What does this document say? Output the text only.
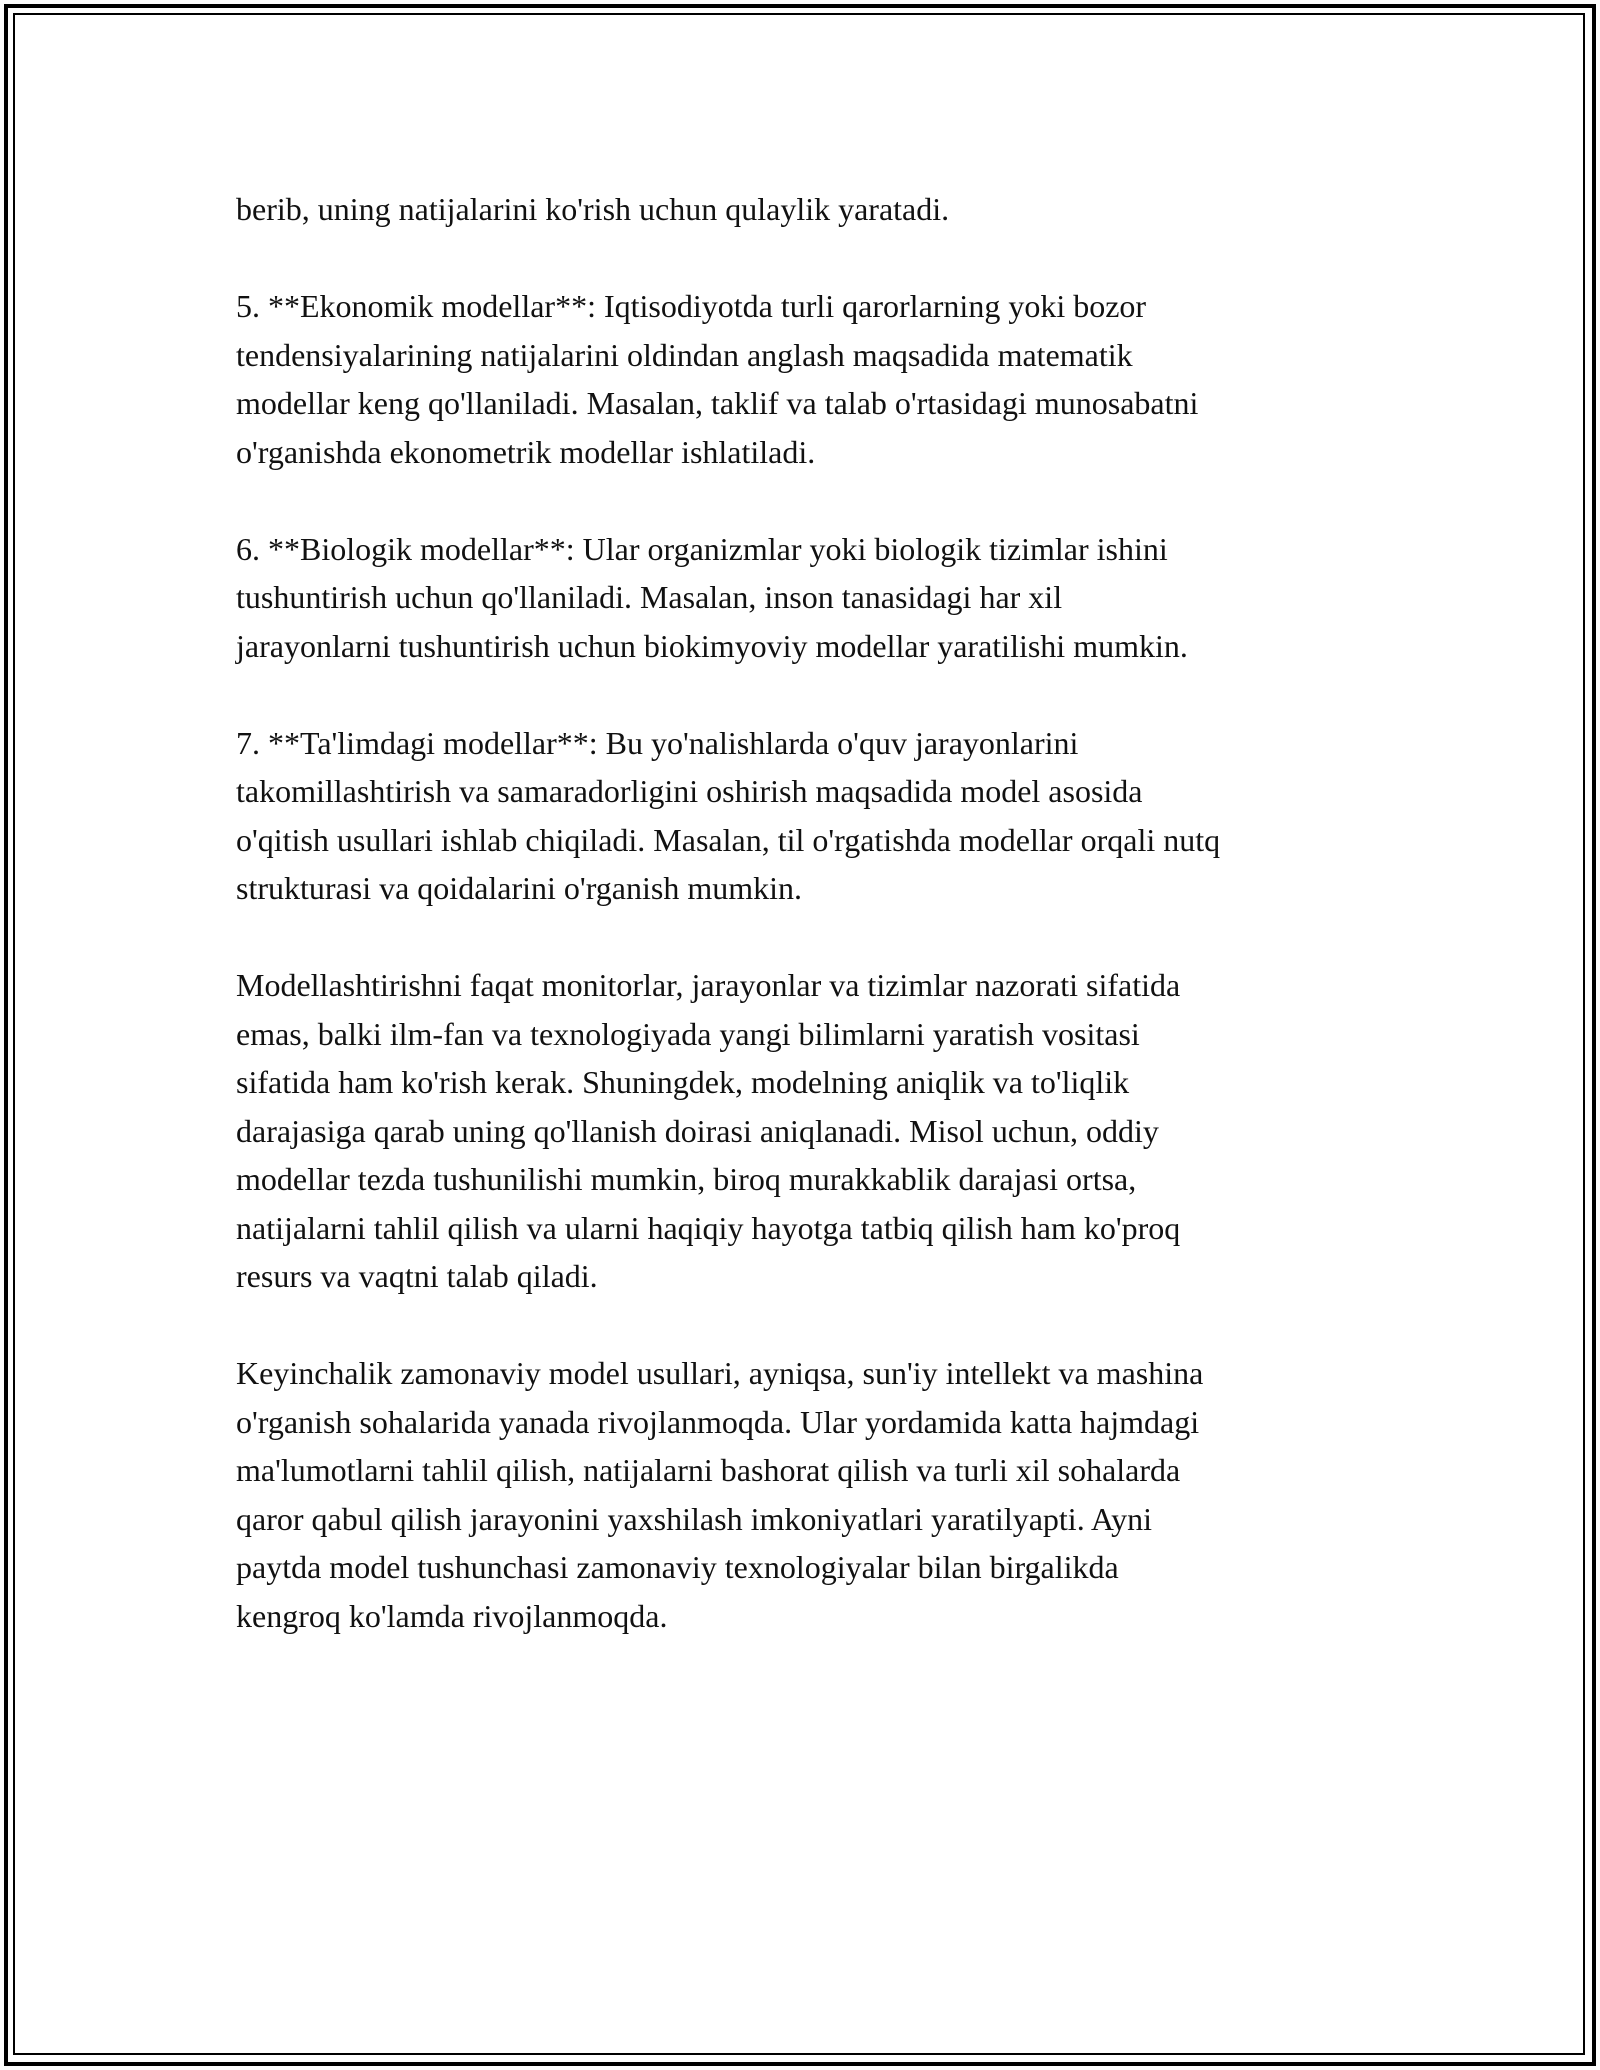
berib, uning natijalarini ko'rish uchun qulaylik yaratadi.

5. **Ekonomik modellar**: Iqtisodiyotda turli qarorlarning yoki bozor
tendensiyalarining natijalarini oldindan anglash maqsadida matematik
modellar keng qo'llaniladi. Masalan, taklif va talab o'rtasidagi munosabatni
o'rganishda ekonometrik modellar ishlatiladi.

6. **Biologik modellar**: Ular organizmlar yoki biologik tizimlar ishini
tushuntirish uchun qo'llaniladi. Masalan, inson tanasidagi har xil
jarayonlarni tushuntirish uchun biokimyoviy modellar yaratilishi mumkin.

7. **Ta'limdagi modellar**: Bu yo'nalishlarda o'quv jarayonlarini
takomillashtirish va samaradorligini oshirish maqsadida model asosida
o'qitish usullari ishlab chiqiladi. Masalan, til o'rgatishda modellar orqali nutq
strukturasi va qoidalarini o'rganish mumkin.

Modellashtirishni faqat monitorlar, jarayonlar va tizimlar nazorati sifatida
emas, balki ilm-fan va texnologiyada yangi bilimlarni yaratish vositasi
sifatida ham ko'rish kerak. Shuningdek, modelning aniqlik va to'liqlik
darajasiga qarab uning qo'llanish doirasi aniqlanadi. Misol uchun, oddiy
modellar tezda tushunilishi mumkin, biroq murakkablik darajasi ortsa,
natijalarni tahlil qilish va ularni haqiqiy hayotga tatbiq qilish ham ko'proq
resurs va vaqtni talab qiladi.

Keyinchalik zamonaviy model usullari, ayniqsa, sun'iy intellekt va mashina
o'rganish sohalarida yanada rivojlanmoqda. Ular yordamida katta hajmdagi
ma'lumotlarni tahlil qilish, natijalarni bashorat qilish va turli xil sohalarda
qaror qabul qilish jarayonini yaxshilash imkoniyatlari yaratilyapti. Ayni
paytda model tushunchasi zamonaviy texnologiyalar bilan birgalikda
kengroq ko'lamda rivojlanmoqda.
